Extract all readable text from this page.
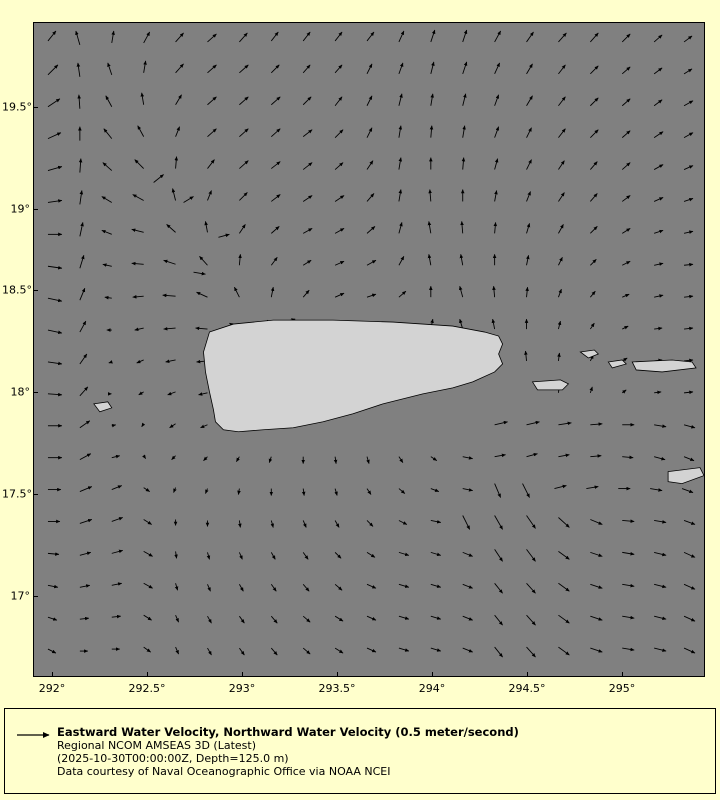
292°	292.5°	293°	293.5°	294°	294.5°	295°
17°
17.5°
18°
18.5°
19°
19.5°
Eastward Water Velocity, Northward Water Velocity (0.5 meter/second)
Regional NCOM AMSEAS 3D (Latest)
(2025-10-30T00:00:00Z, Depth=125.0 m)
Data courtesy of Naval Oceanographic Office via NOAA NCEI
